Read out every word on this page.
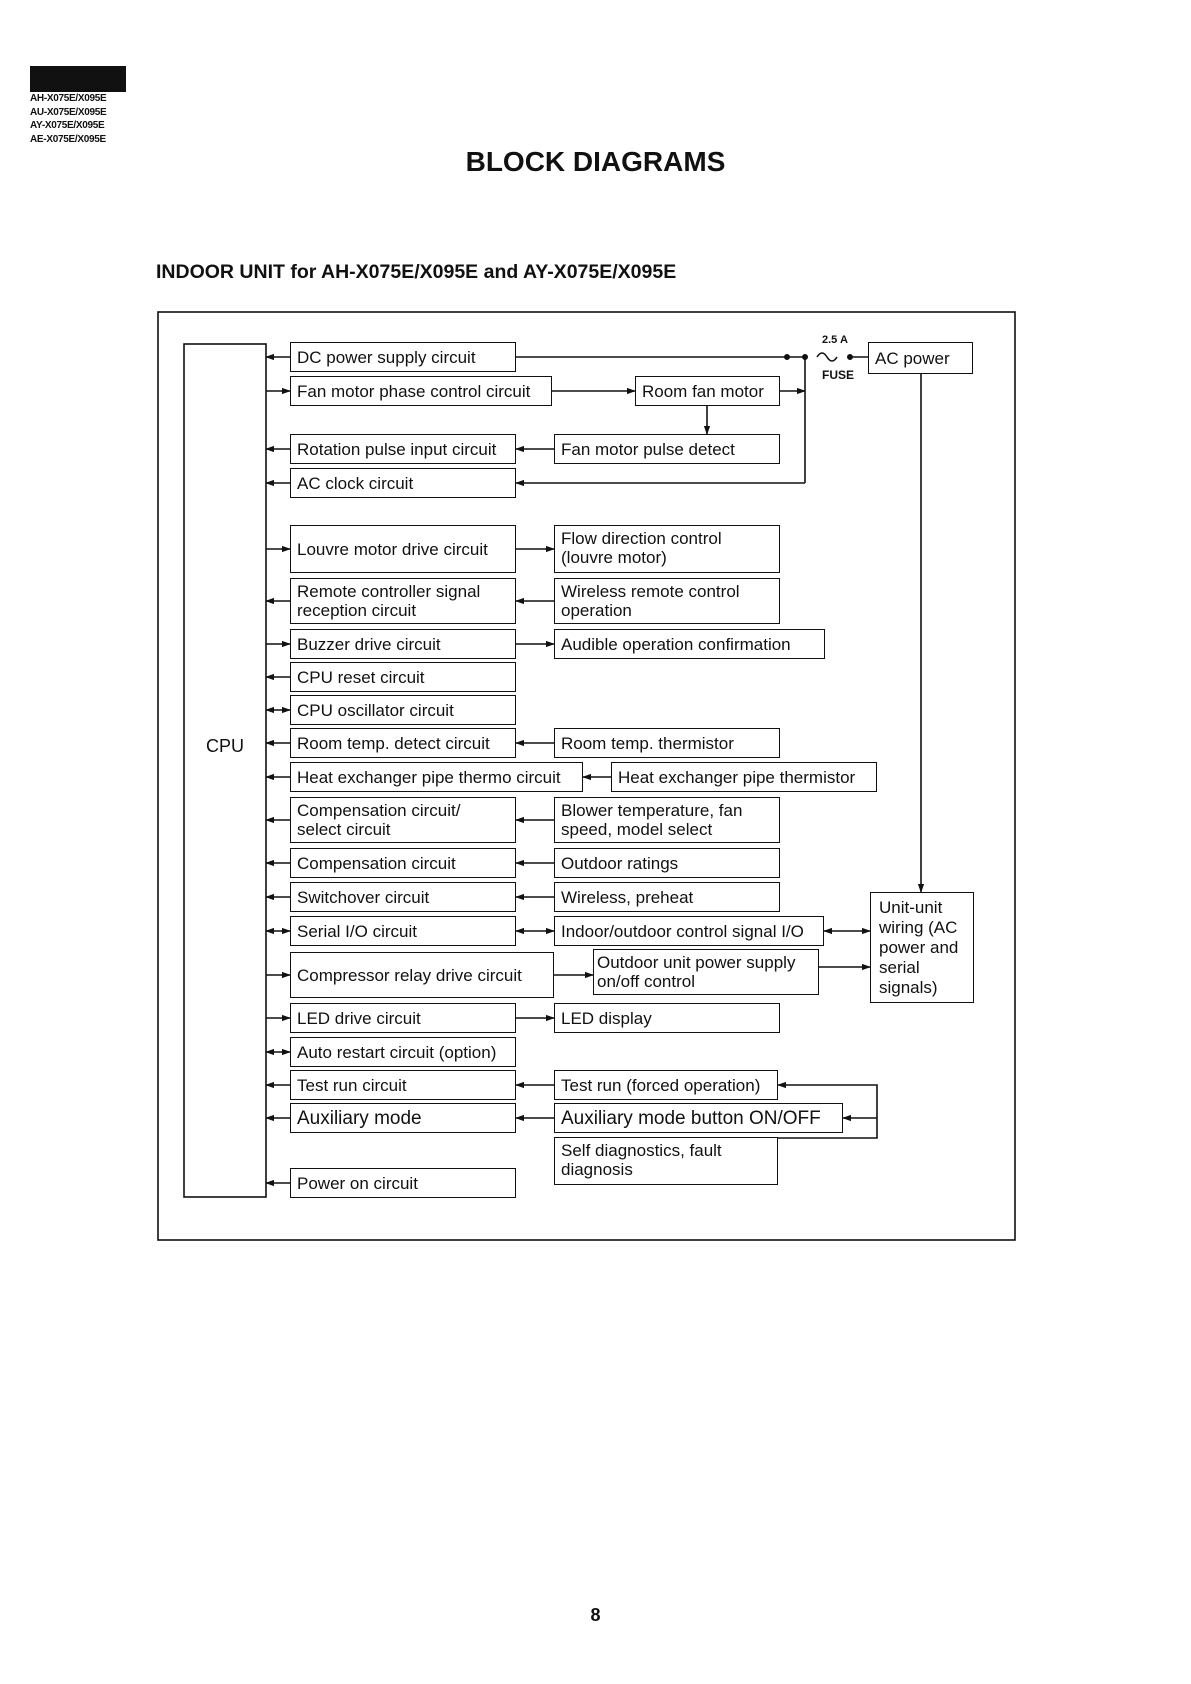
AH-X075E/X095E
AU-X075E/X095E
AY-X075E/X095E
AE-X075E/X095E
BLOCK DIAGRAMS
INDOOR UNIT for AH-X075E/X095E and AY-X075E/X095E
CPU
2.5 A
FUSE
DC power supply circuit
Fan motor phase control circuit
Rotation pulse input circuit
AC clock circuit
Louvre motor drive circuit
Remote controller signal reception circuit
Buzzer drive circuit
CPU reset circuit
CPU oscillator circuit
Room temp. detect circuit
Heat exchanger pipe thermo circuit
Compensation circuit/ select circuit
Compensation circuit
Switchover circuit
Serial I/O circuit
Compressor relay drive circuit
LED drive circuit
Auto restart circuit (option)
Test run circuit
Auxiliary mode
Power on circuit
Room fan motor
Fan motor pulse detect
Flow direction control (louvre motor)
Wireless remote control operation
Audible operation confirmation
Room temp. thermistor
Heat exchanger pipe thermistor
Blower temperature, fan speed, model select
Outdoor ratings
Wireless, preheat
Indoor/outdoor control signal I/O
Outdoor unit power supply on/off control
LED display
Test run (forced operation)
Auxiliary mode button ON/OFF
Self diagnostics, fault diagnosis
AC power
Unit-unit wiring (AC power and serial signals)
8
